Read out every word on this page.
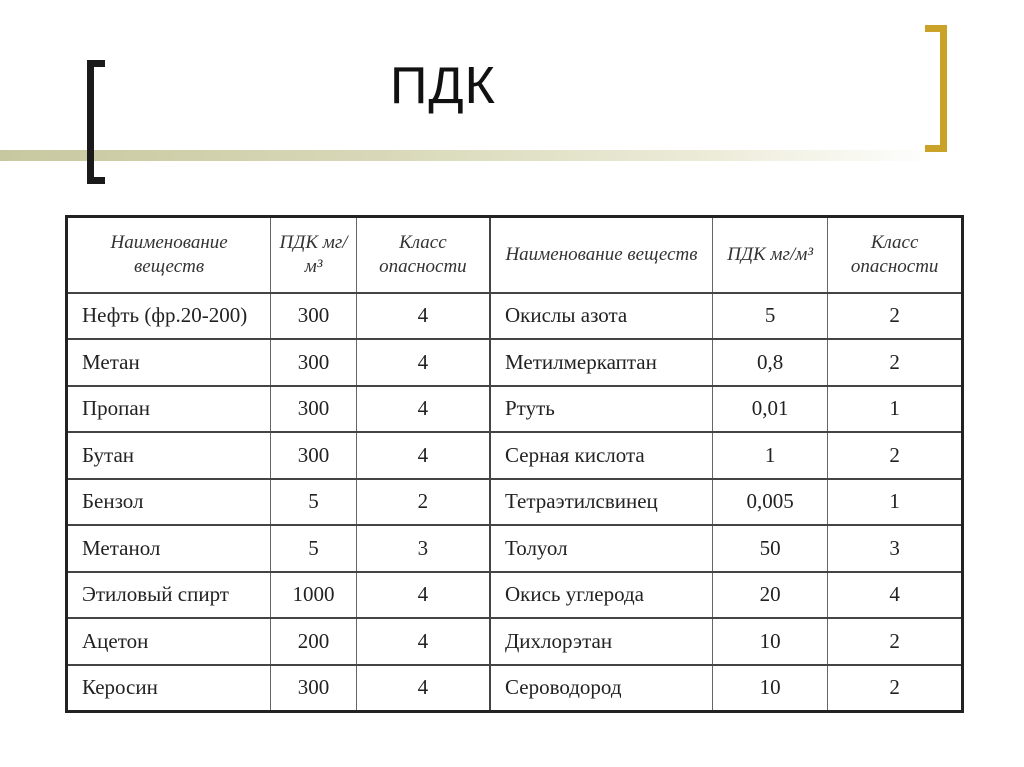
ПДК
Наименование веществ	ПДК мг/м³	Класс опасности	Наименование веществ	ПДК мг/м³	Класс опасности
Нефть (фр.20-200)	300	4	Окислы азота	5	2
Метан	300	4	Метилмеркаптан	0,8	2
Пропан	300	4	Ртуть	0,01	1
Бутан	300	4	Серная кислота	1	2
Бензол	5	2	Тетраэтилсвинец	0,005	1
Метанол	5	3	Толуол	50	3
Этиловый спирт	1000	4	Окись углерода	20	4
Ацетон	200	4	Дихлорэтан	10	2
Керосин	300	4	Сероводород	10	2
